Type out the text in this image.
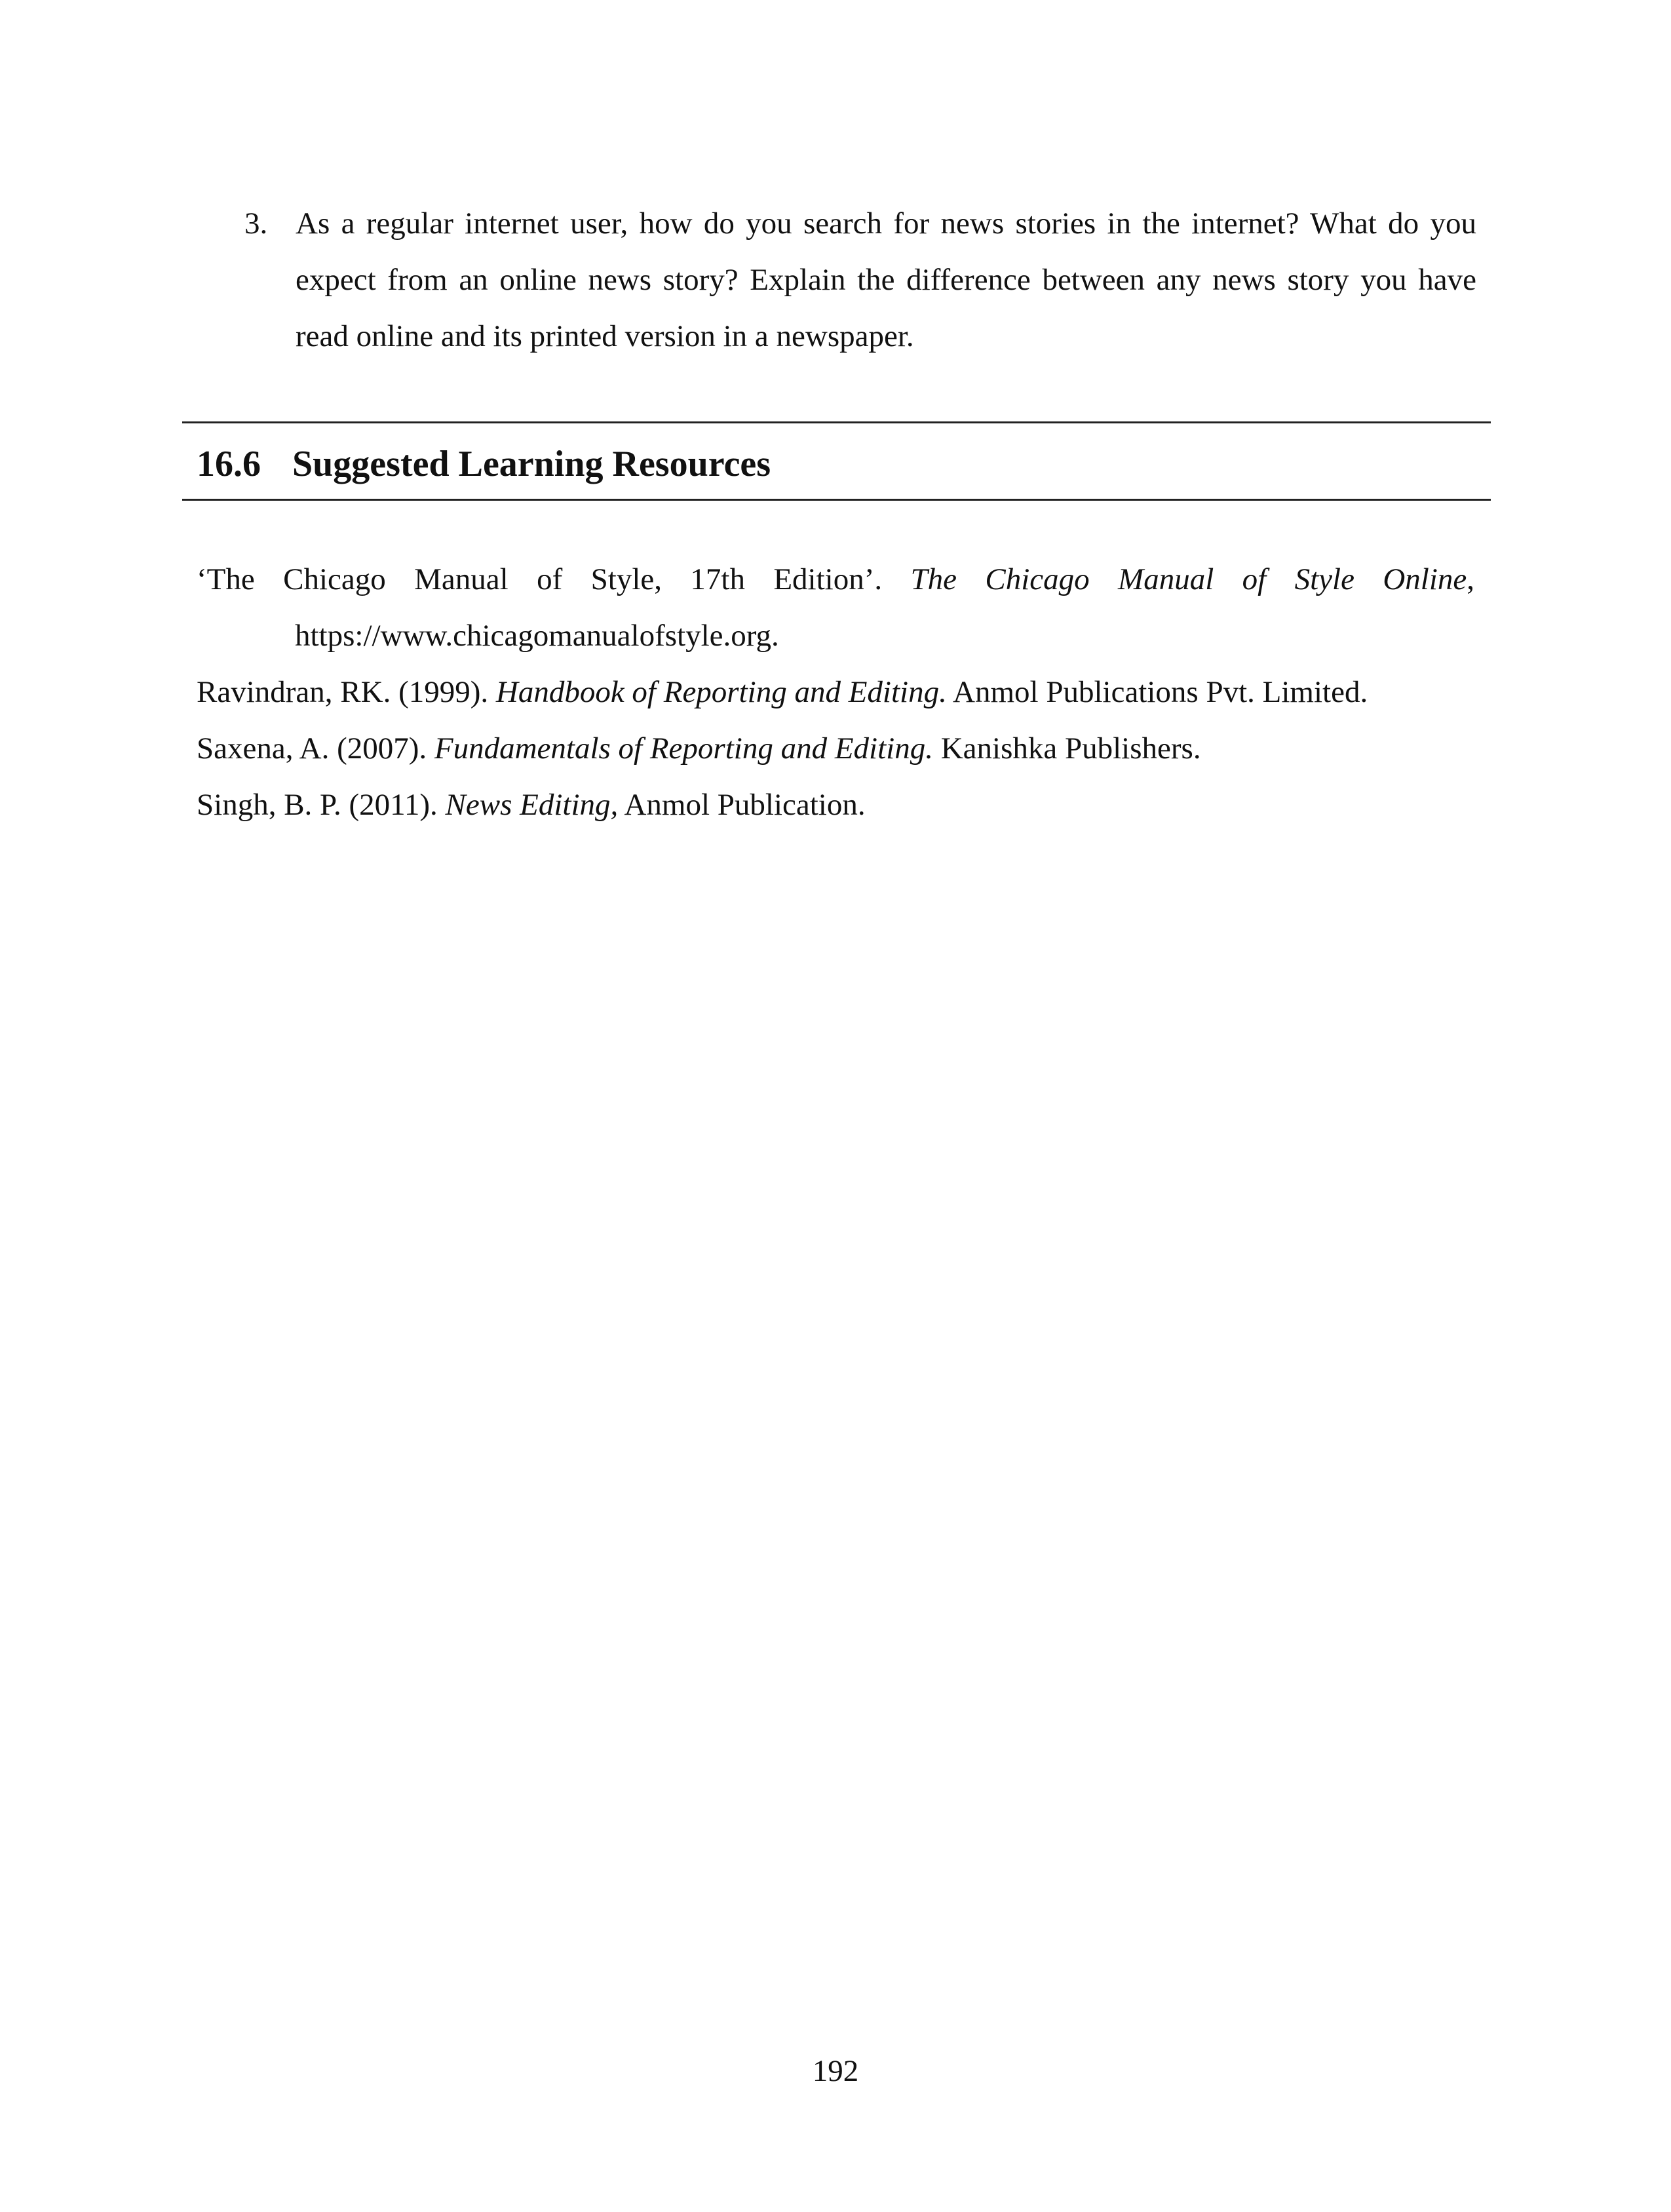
3. As a regular internet user, how do you search for news stories in the internet? What do you expect from an online news story? Explain the difference between any news story you have read online and its printed version in a newspaper.
16.6 Suggested Learning Resources
‘The Chicago Manual of Style, 17th Edition’. The Chicago Manual of Style Online, https://www.chicagomanualofstyle.org.
Ravindran, RK. (1999). Handbook of Reporting and Editing. Anmol Publications Pvt. Limited.
Saxena, A. (2007). Fundamentals of Reporting and Editing. Kanishka Publishers.
Singh, B. P. (2011). News Editing, Anmol Publication.
192
